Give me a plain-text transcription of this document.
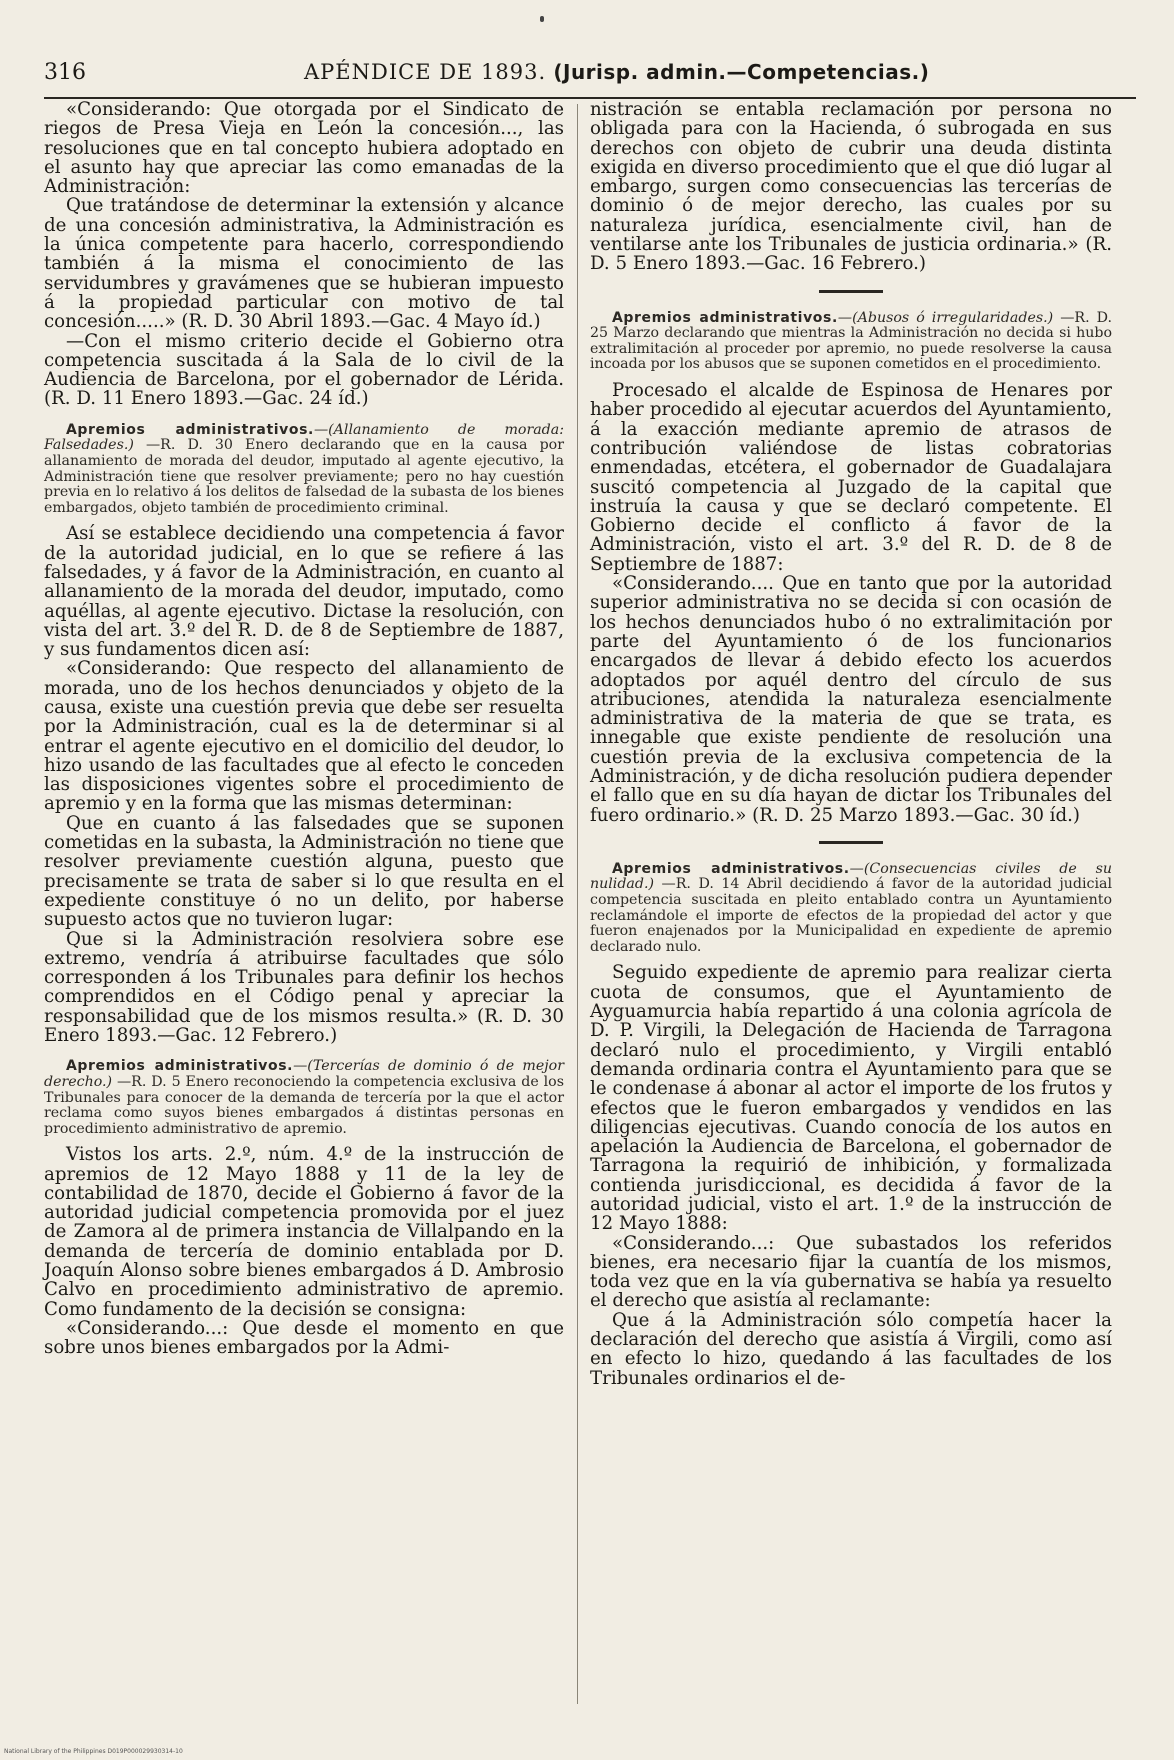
316	APÉNDICE DE 1893. (Jurisp. admin.—Competencias.)

«Considerando: Que otorgada por el Sindicato de riegos de Presa Vieja en León la concesión..., las resoluciones que en tal concepto hubiera adoptado en el asunto hay que apreciar las como emanadas de la Administración:

Que tratándose de determinar la extensión y alcance de una concesión administrativa, la Administración es la única competente para hacerlo, correspondiendo también á la misma el conocimiento de las servidumbres y gravámenes que se hubieran impuesto á la propiedad particular con motivo de tal concesión.....» (R. D. 30 Abril 1893.—Gac. 4 Mayo íd.)

—Con el mismo criterio decide el Gobierno otra competencia suscitada á la Sala de lo civil de la Audiencia de Barcelona, por el gobernador de Lérida. (R. D. 11 Enero 1893.—Gac. 24 íd.)

Apremios administrativos.—(Allanamiento de morada: Falsedades.) —R. D. 30 Enero declarando que en la causa por allanamiento de morada del deudor, imputado al agente ejecutivo, la Administración tiene que resolver previamente; pero no hay cuestión previa en lo relativo á los delitos de falsedad de la subasta de los bienes embargados, objeto también de procedimiento criminal.

Así se establece decidiendo una competencia á favor de la autoridad judicial, en lo que se refiere á las falsedades, y á favor de la Administración, en cuanto al allanamiento de la morada del deudor, imputado, como aquéllas, al agente ejecutivo. Dictase la resolución, con vista del art. 3.º del R. D. de 8 de Septiembre de 1887, y sus fundamentos dicen así:

«Considerando: Que respecto del allanamiento de morada, uno de los hechos denunciados y objeto de la causa, existe una cuestión previa que debe ser resuelta por la Administración, cual es la de determinar si al entrar el agente ejecutivo en el domicilio del deudor, lo hizo usando de las facultades que al efecto le conceden las disposiciones vigentes sobre el procedimiento de apremio y en la forma que las mismas determinan:

Que en cuanto á las falsedades que se suponen cometidas en la subasta, la Administración no tiene que resolver previamente cuestión alguna, puesto que precisamente se trata de saber si lo que resulta en el expediente constituye ó no un delito, por haberse supuesto actos que no tuvieron lugar:

Que si la Administración resolviera sobre ese extremo, vendría á atribuirse facultades que sólo corresponden á los Tribunales para definir los hechos comprendidos en el Código penal y apreciar la responsabilidad que de los mismos resulta.» (R. D. 30 Enero 1893.—Gac. 12 Febrero.)

Apremios administrativos.—(Tercerías de dominio ó de mejor derecho.) —R. D. 5 Enero reconociendo la competencia exclusiva de los Tribunales para conocer de la demanda de tercería por la que el actor reclama como suyos bienes embargados á distintas personas en procedimiento administrativo de apremio.

Vistos los arts. 2.º, núm. 4.º de la instrucción de apremios de 12 Mayo 1888 y 11 de la ley de contabilidad de 1870, decide el Gobierno á favor de la autoridad judicial competencia promovida por el juez de Zamora al de primera instancia de Villalpando en la demanda de tercería de dominio entablada por D. Joaquín Alonso sobre bienes embargados á D. Ambrosio Calvo en procedimiento administrativo de apremio. Como fundamento de la decisión se consigna:

«Considerando...: Que desde el momento en que sobre unos bienes embargados por la Admi-

nistración se entabla reclamación por persona no obligada para con la Hacienda, ó subrogada en sus derechos con objeto de cubrir una deuda distinta exigida en diverso procedimiento que el que dió lugar al embargo, surgen como consecuencias las tercerías de dominio ó de mejor derecho, las cuales por su naturaleza jurídica, esencialmente civil, han de ventilarse ante los Tribunales de justicia ordinaria.» (R. D. 5 Enero 1893.—Gac. 16 Febrero.)

Apremios administrativos.—(Abusos ó irregularidades.) —R. D. 25 Marzo declarando que mientras la Administración no decida si hubo extralimitación al proceder por apremio, no puede resolverse la causa incoada por los abusos que se suponen cometidos en el procedimiento.

Procesado el alcalde de Espinosa de Henares por haber procedido al ejecutar acuerdos del Ayuntamiento, á la exacción mediante apremio de atrasos de contribución valiéndose de listas cobratorias enmendadas, etcétera, el gobernador de Guadalajara suscitó competencia al Juzgado de la capital que instruía la causa y que se declaró competente. El Gobierno decide el conflicto á favor de la Administración, visto el art. 3.º del R. D. de 8 de Septiembre de 1887:

«Considerando.... Que en tanto que por la autoridad superior administrativa no se decida si con ocasión de los hechos denunciados hubo ó no extralimitación por parte del Ayuntamiento ó de los funcionarios encargados de llevar á debido efecto los acuerdos adoptados por aquél dentro del círculo de sus atribuciones, atendida la naturaleza esencialmente administrativa de la materia de que se trata, es innegable que existe pendiente de resolución una cuestión previa de la exclusiva competencia de la Administración, y de dicha resolución pudiera depender el fallo que en su día hayan de dictar los Tribunales del fuero ordinario.» (R. D. 25 Marzo 1893.—Gac. 30 íd.)

Apremios administrativos.—(Consecuencias civiles de su nulidad.) —R. D. 14 Abril decidiendo á favor de la autoridad judicial competencia suscitada en pleito entablado contra un Ayuntamiento reclamándole el importe de efectos de la propiedad del actor y que fueron enajenados por la Municipalidad en expediente de apremio declarado nulo.

Seguido expediente de apremio para realizar cierta cuota de consumos, que el Ayuntamiento de Ayguamurcia había repartido á una colonia agrícola de D. P. Virgili, la Delegación de Hacienda de Tarragona declaró nulo el procedimiento, y Virgili entabló demanda ordinaria contra el Ayuntamiento para que se le condenase á abonar al actor el importe de los frutos y efectos que le fueron embargados y vendidos en las diligencias ejecutivas. Cuando conocía de los autos en apelación la Audiencia de Barcelona, el gobernador de Tarragona la requirió de inhibición, y formalizada contienda jurisdiccional, es decidida á favor de la autoridad judicial, visto el art. 1.º de la instrucción de 12 Mayo 1888:

«Considerando...: Que subastados los referidos bienes, era necesario fijar la cuantía de los mismos, toda vez que en la vía gubernativa se había ya resuelto el derecho que asistía al reclamante:

Que á la Administración sólo competía hacer la declaración del derecho que asistía á Virgili, como así en efecto lo hizo, quedando á las facultades de los Tribunales ordinarios el de-

National Library of the Philippines D019P000029930314-10
